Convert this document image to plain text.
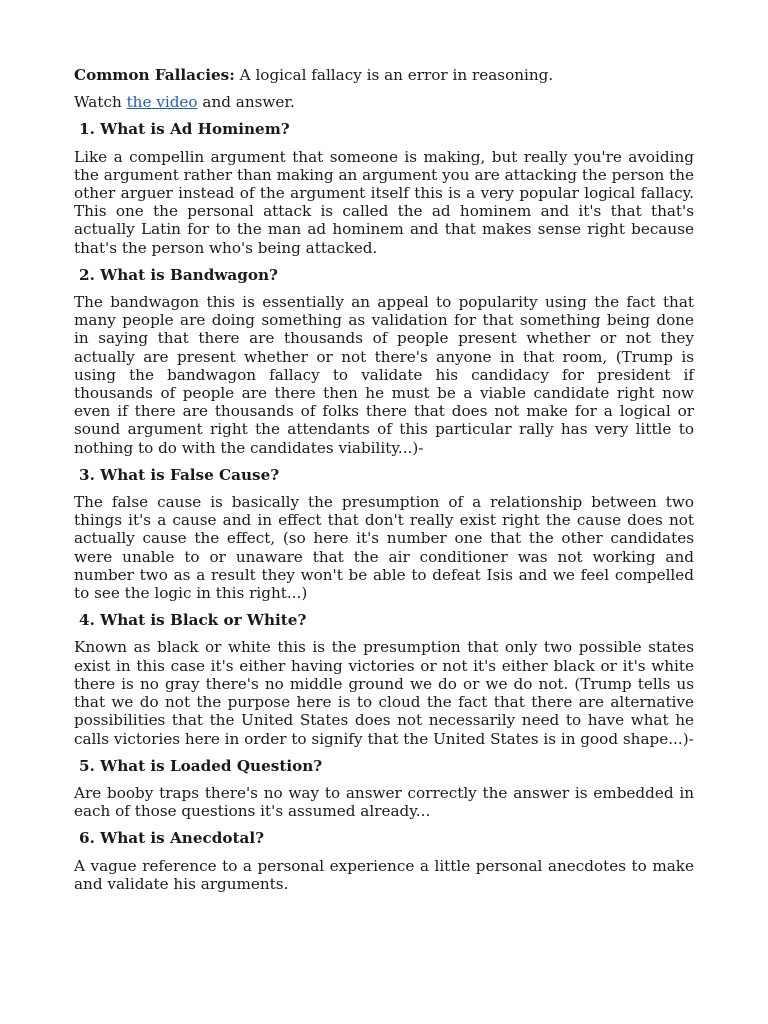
Common Fallacies: A logical fallacy is an error in reasoning.

Watch the video and answer.

1. What is Ad Hominem?

Like a compellin argument that someone is making, but really you're avoiding the argument rather than making an argument you are attacking the person the other arguer instead of the argument itself this is a very popular logical fallacy. This one the personal attack is called the ad hominem and it's that that's actually Latin for to the man ad hominem and that makes sense right because that's the person who's being attacked.

2. What is Bandwagon?

The bandwagon this is essentially an appeal to popularity using the fact that many people are doing something as validation for that something being done in saying that there are thousands of people present whether or not they actually are present whether or not there's anyone in that room, (Trump is using the bandwagon fallacy to validate his candidacy for president if thousands of people are there then he must be a viable candidate right now even if there are thousands of folks there that does not make for a logical or sound argument right the attendants of this particular rally has very little to nothing to do with the candidates viability...)-

3. What is False Cause?

The false cause is basically the presumption of a relationship between two things it's a cause and in effect that don't really exist right the cause does not actually cause the effect, (so here it's number one that the other candidates were unable to or unaware that the air conditioner was not working and number two as a result they won't be able to defeat Isis and we feel compelled to see the logic in this right...)

4. What is Black or White?

Known as black or white this is the presumption that only two possible states exist in this case it's either having victories or not it's either black or it's white there is no gray there's no middle ground we do or we do not. (Trump tells us that we do not the purpose here is to cloud the fact that there are alternative possibilities that the United States does not necessarily need to have what he calls victories here in order to signify that the United States is in good shape...)-

5. What is Loaded Question?

Are booby traps there's no way to answer correctly the answer is embedded in each of those questions it's assumed already...

6. What is Anecdotal?

A vague reference to a personal experience a little personal anecdotes to make and validate his arguments.
